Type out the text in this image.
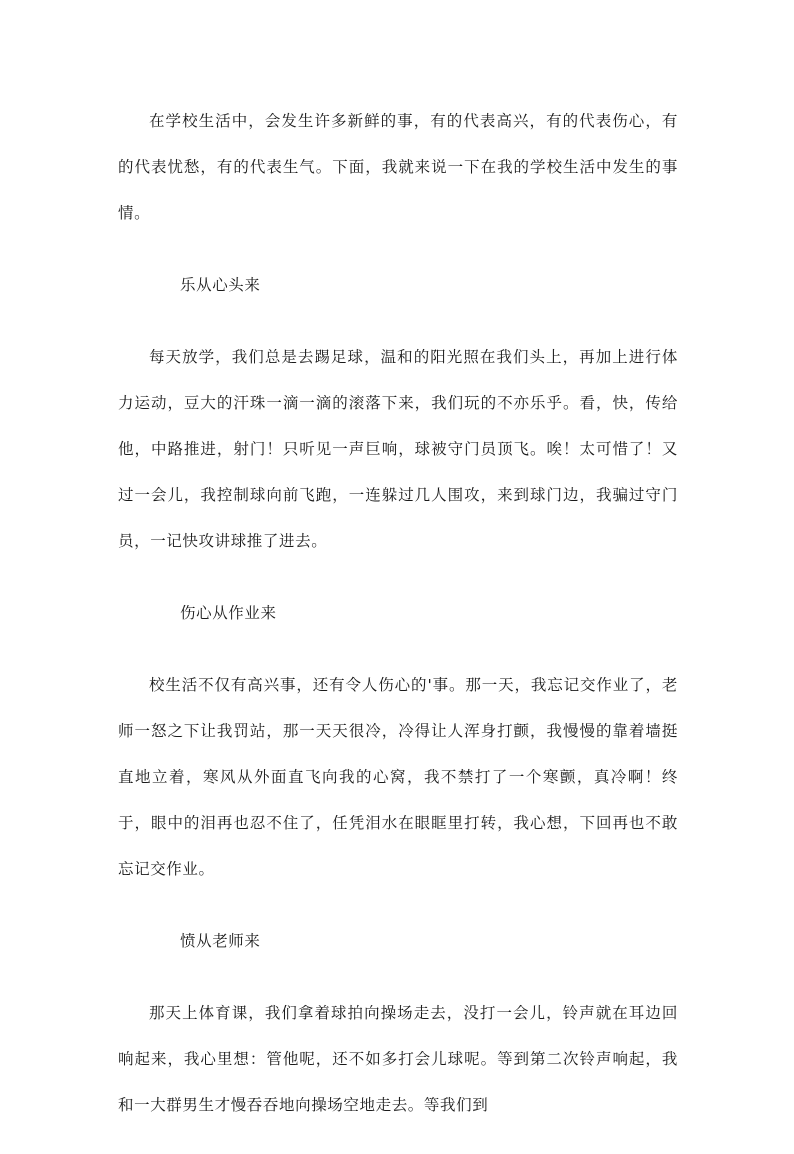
在学校生活中，会发生许多新鲜的事，有的代表高兴，有的代表伤心，有的代表忧愁，有的代表生气。下面，我就来说一下在我的学校生活中发生的事情。

乐从心头来

每天放学，我们总是去踢足球，温和的阳光照在我们头上，再加上进行体力运动，豆大的汗珠一滴一滴的滚落下来，我们玩的不亦乐乎。看，快，传给他，中路推进，射门！只听见一声巨响，球被守门员顶飞。唉！太可惜了！又过一会儿，我控制球向前飞跑，一连躲过几人围攻，来到球门边，我骗过守门员，一记快攻讲球推了进去。

伤心从作业来

校生活不仅有高兴事，还有令人伤心的'事。那一天，我忘记交作业了，老师一怒之下让我罚站，那一天天很冷，冷得让人浑身打颤，我慢慢的靠着墙挺直地立着，寒风从外面直飞向我的心窝，我不禁打了一个寒颤，真冷啊！终于，眼中的泪再也忍不住了，任凭泪水在眼眶里打转，我心想，下回再也不敢忘记交作业。

愤从老师来

那天上体育课，我们拿着球拍向操场走去，没打一会儿，铃声就在耳边回响起来，我心里想：管他呢，还不如多打会儿球呢。等到第二次铃声响起，我和一大群男生才慢吞吞地向操场空地走去。等我们到
